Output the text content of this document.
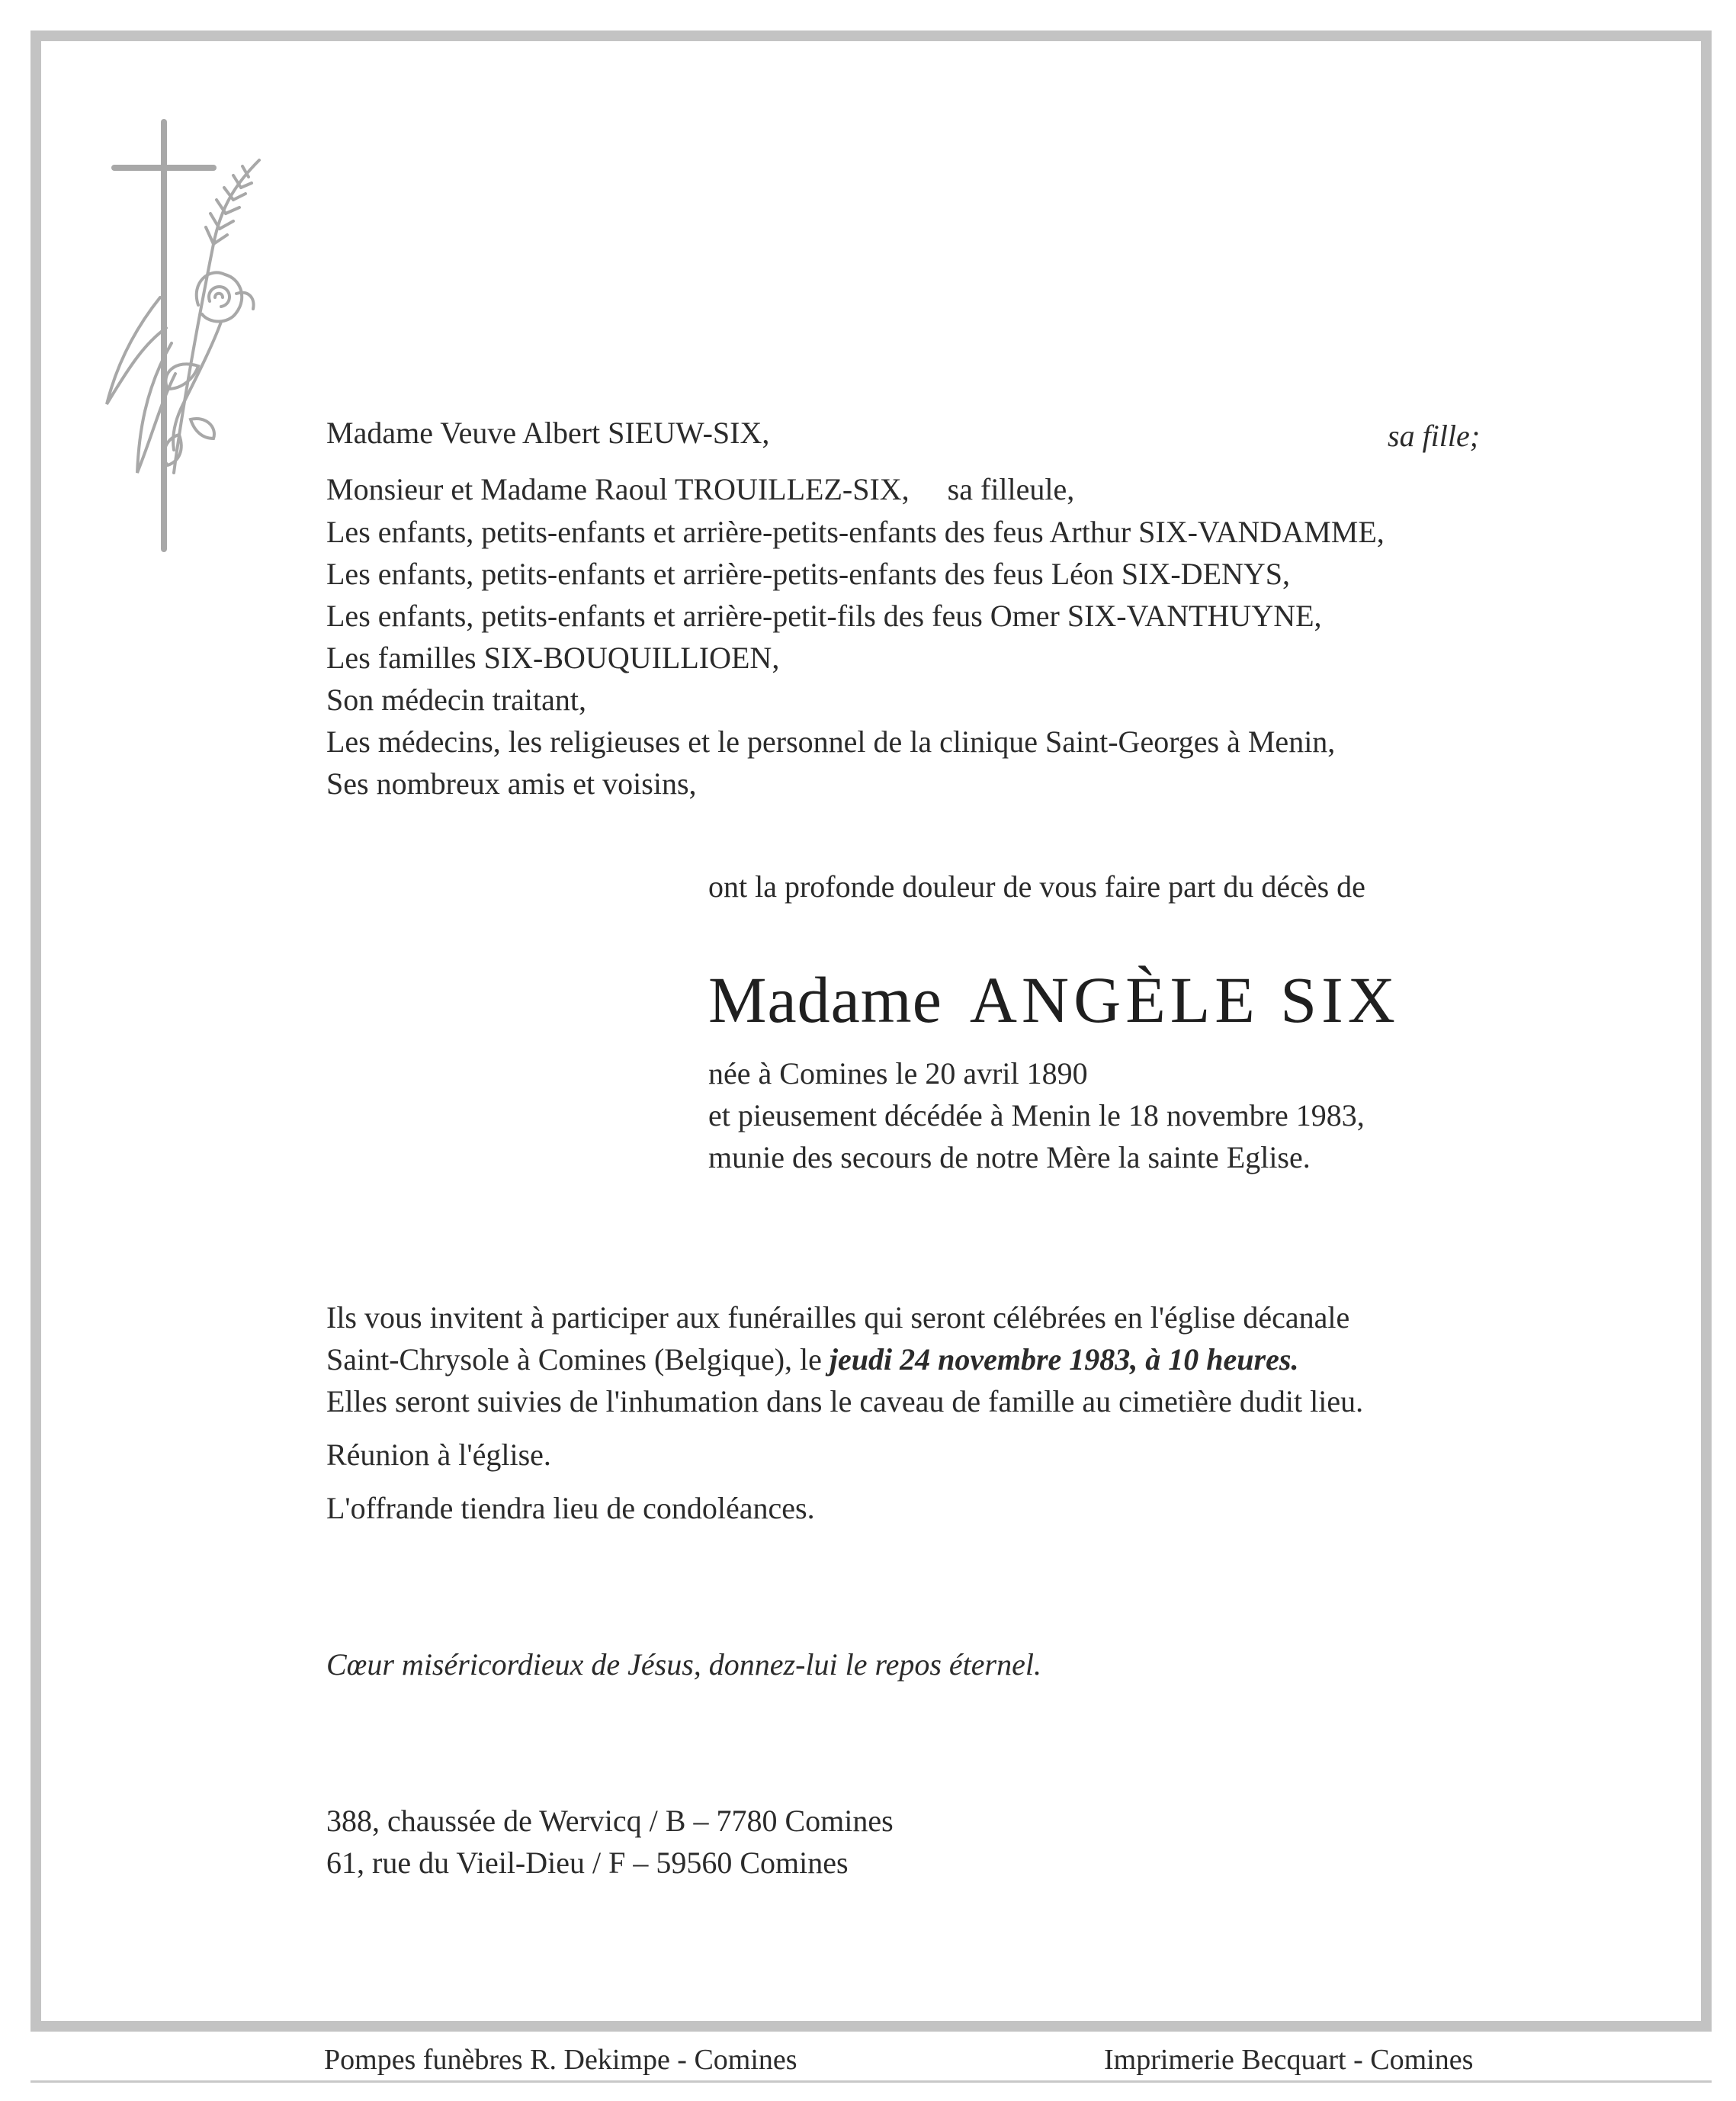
Madame Veuve Albert SIEUW-SIX,	sa fille;
Monsieur et Madame Raoul TROUILLEZ-SIX, sa filleule,
Les enfants, petits-enfants et arrière-petits-enfants des feus Arthur SIX-VANDAMME,
Les enfants, petits-enfants et arrière-petits-enfants des feus Léon SIX-DENYS,
Les enfants, petits-enfants et arrière-petit-fils des feus Omer SIX-VANTHUYNE,
Les familles SIX-BOUQUILLIOEN,
Son médecin traitant,
Les médecins, les religieuses et le personnel de la clinique Saint-Georges à Menin,
Ses nombreux amis et voisins,
ont la profonde douleur de vous faire part du décès de
Madame ANGÈLE SIX
née à Comines le 20 avril 1890
et pieusement décédée à Menin le 18 novembre 1983,
munie des secours de notre Mère la sainte Eglise.
Ils vous invitent à participer aux funérailles qui seront célébrées en l'église décanale
Saint-Chrysole à Comines (Belgique), le jeudi 24 novembre 1983, à 10 heures.
Elles seront suivies de l'inhumation dans le caveau de famille au cimetière dudit lieu.
Réunion à l'église.
L'offrande tiendra lieu de condoléances.
Cœur miséricordieux de Jésus, donnez-lui le repos éternel.
388, chaussée de Wervicq / B – 7780 Comines
61, rue du Vieil-Dieu / F – 59560 Comines
Pompes funèbres R. Dekimpe - Comines	Imprimerie Becquart - Comines
